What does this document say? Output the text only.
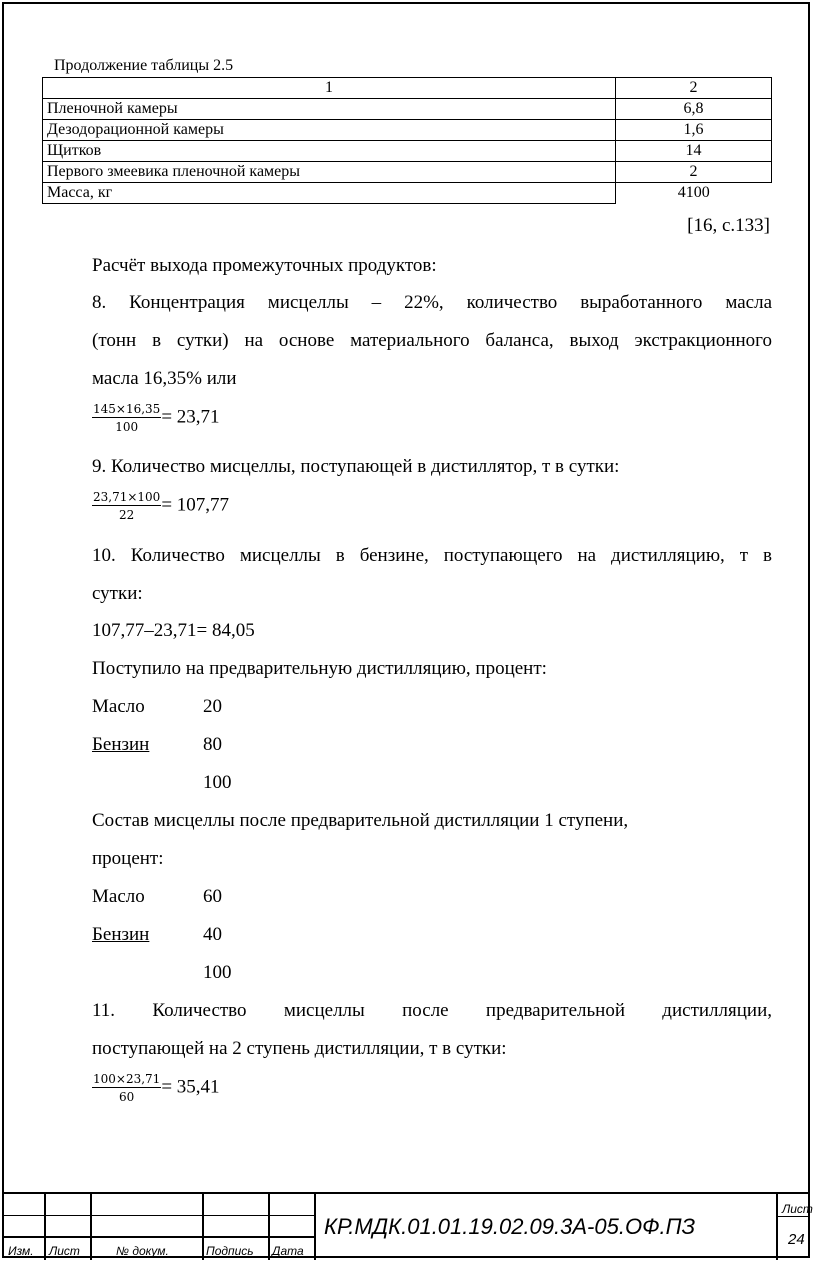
Продолжение таблицы 2.5
1	2
Пленочной камеры	6,8
Дезодорационной камеры	1,6
Щитков	14
Первого змеевика пленочной камеры	2
Масса, кг	4100
[16, с.133]
Расчёт выхода промежуточных продуктов:
8. Концентрация мисцеллы – 22%, количество выработанного масла
(тонн в сутки) на основе материального баланса, выход экстракционного
масла 16,35% или
$\frac{145\times 16,35}{100} = 23,71$
9. Количество мисцеллы, поступающей в дистиллятор, т в сутки:
$\frac{23,71\times 100}{22} = 107,77$
10. Количество мисцеллы в бензине, поступающего на дистилляцию, т в
сутки:
107,77–23,71= 84,05
Поступило на предварительную дистилляцию, процент:
Масло	20
Бензин	80
100
Состав мисцеллы после предварительной дистилляции 1 ступени,
процент:
Масло	60
Бензин	40
100
11. Количество мисцеллы после предварительной дистилляции,
поступающей на 2 ступень дистилляции, т в сутки:
$\frac{100\times 23,71}{60} = 35,41$
Изм. Лист	№ докум.	Подпись Дата
КР.МДК.01.01.19.02.09.3А-05.ОФ.ПЗ
Лист
24
